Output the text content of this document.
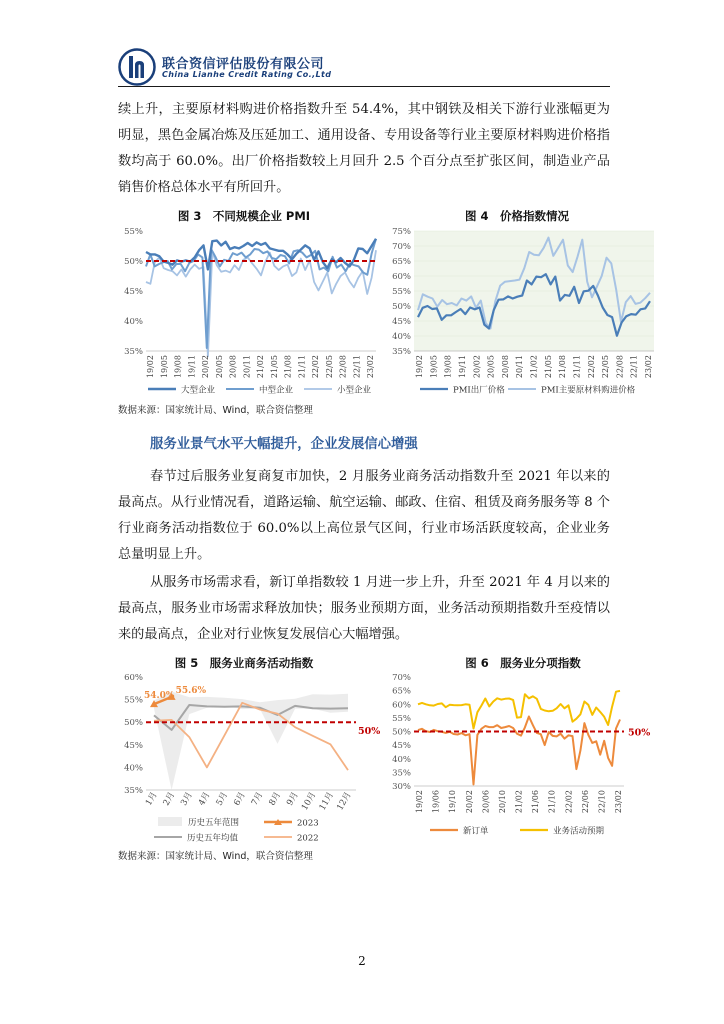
联合资信评估股份有限公司
China Lianhe Credit Rating Co.,Ltd

续上升，主要原材料购进价格指数升至 54.4%，其中钢铁及相关下游行业涨幅更为明显，黑色金属冶炼及压延加工、通用设备、专用设备等行业主要原材料购进价格指数均高于 60.0%。出厂价格指数较上月回升 2.5 个百分点至扩张区间，制造业产品销售价格总体水平有所回升。

图 3　不同规模企业 PMI	图 4　价格指数情况
35%
40%
45%
50%
55%
19/02 19/05 19/08 19/11 20/02 20/05 20/08 20/11 21/02 21/05 21/08 21/11 22/02 22/05 22/08 22/11 23/02
大型企业	中型企业	小型企业
35%
40%
45%
50%
55%
60%
65%
70%
75%
19/02 19/05 19/08 19/11 20/02 20/05 20/08 20/11 21/02 21/05 21/08 21/11 22/02 22/05 22/08 22/11 23/02
PMI出厂价格	PMI主要原材料购进价格
数据来源：国家统计局、Wind，联合资信整理
服务业景气水平大幅提升，企业发展信心增强

春节过后服务业复商复市加快，2 月服务业商务活动指数升至 2021 年以来的最高点。从行业情况看，道路运输、航空运输、邮政、住宿、租赁及商务服务等 8 个行业商务活动指数位于 60.0%以上高位景气区间，行业市场活跃度较高，企业业务总量明显上升。

从服务市场需求看，新订单指数较 1 月进一步上升，升至 2021 年 4 月以来的最高点，服务业市场需求释放加快；服务业预期方面，业务活动预期指数升至疫情以来的最高点，企业对行业恢复发展信心大幅增强。

图 5　服务业商务活动指数	图 6　服务业分项指数
35%
40%
45%
50%
55%
60%
50%
54.0%
55.6%
1月 2月 3月 4月 5月 6月 7月 8月 9月 10月 11月 12月
历史五年范围	2023
历史五年均值	2022
30%
35%
40%
45%
50%
55%
60%
65%
70%
50%
19/02 19/06 19/10 20/02 20/06 20/10 21/02 21/06 21/10 22/02 22/06 22/10 23/02
新订单	业务活动预期
数据来源：国家统计局、Wind，联合资信整理
2
